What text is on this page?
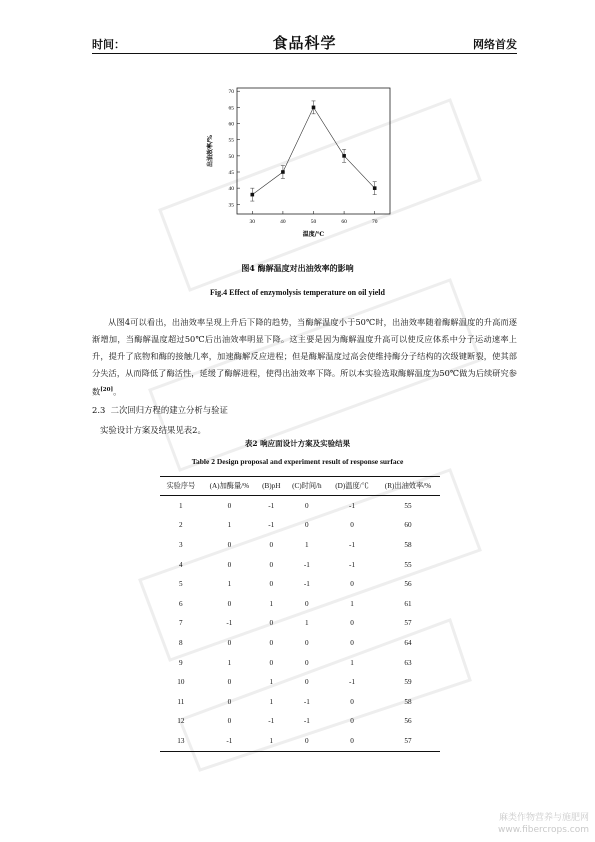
时间：	食品科学	网络首发
30	40	50	60	70
35
40
45
50
55
60
65
70
温度/℃
出油效率/%
图4 酶解温度对出油效率的影响
Fig.4 Effect of enzymolysis temperature on oil yield
从图4可以看出，出油效率呈现上升后下降的趋势，当酶解温度小于50℃时，出油效率随着酶解温度的升高而逐渐增加，当酶解温度超过50℃后出油效率明显下降。这主要是因为酶解温度升高可以使反应体系中分子运动速率上升，提升了底物和酶的接触几率，加速酶解反应进程；但是酶解温度过高会使维持酶分子结构的次级键断裂，使其部分失活，从而降低了酶活性，延缓了酶解进程，使得出油效率下降。所以本实验选取酶解温度为50℃做为后续研究参数[20]。
2.3 二次回归方程的建立分析与验证
实验设计方案及结果见表2。
表2 响应面设计方案及实验结果
Table 2 Design proposal and experiment result of response surface
实验序号	(A)加酶量/%	(B)pH	(C)时间/h	(D)温度/℃	(R)出油效率/%
1	0	-1	0	-1	55
2	1	-1	0	0	60
3	0	0	1	-1	58
4	0	0	-1	-1	55
5	1	0	-1	0	56
6	0	1	0	1	61
7	-1	0	1	0	57
8	0	0	0	0	64
9	1	0	0	1	63
10	0	1	0	-1	59
11	0	1	-1	0	58
12	0	-1	-1	0	56
13	-1	1	0	0	57
麻类作物营养与施肥网
www.fibercrops.com
